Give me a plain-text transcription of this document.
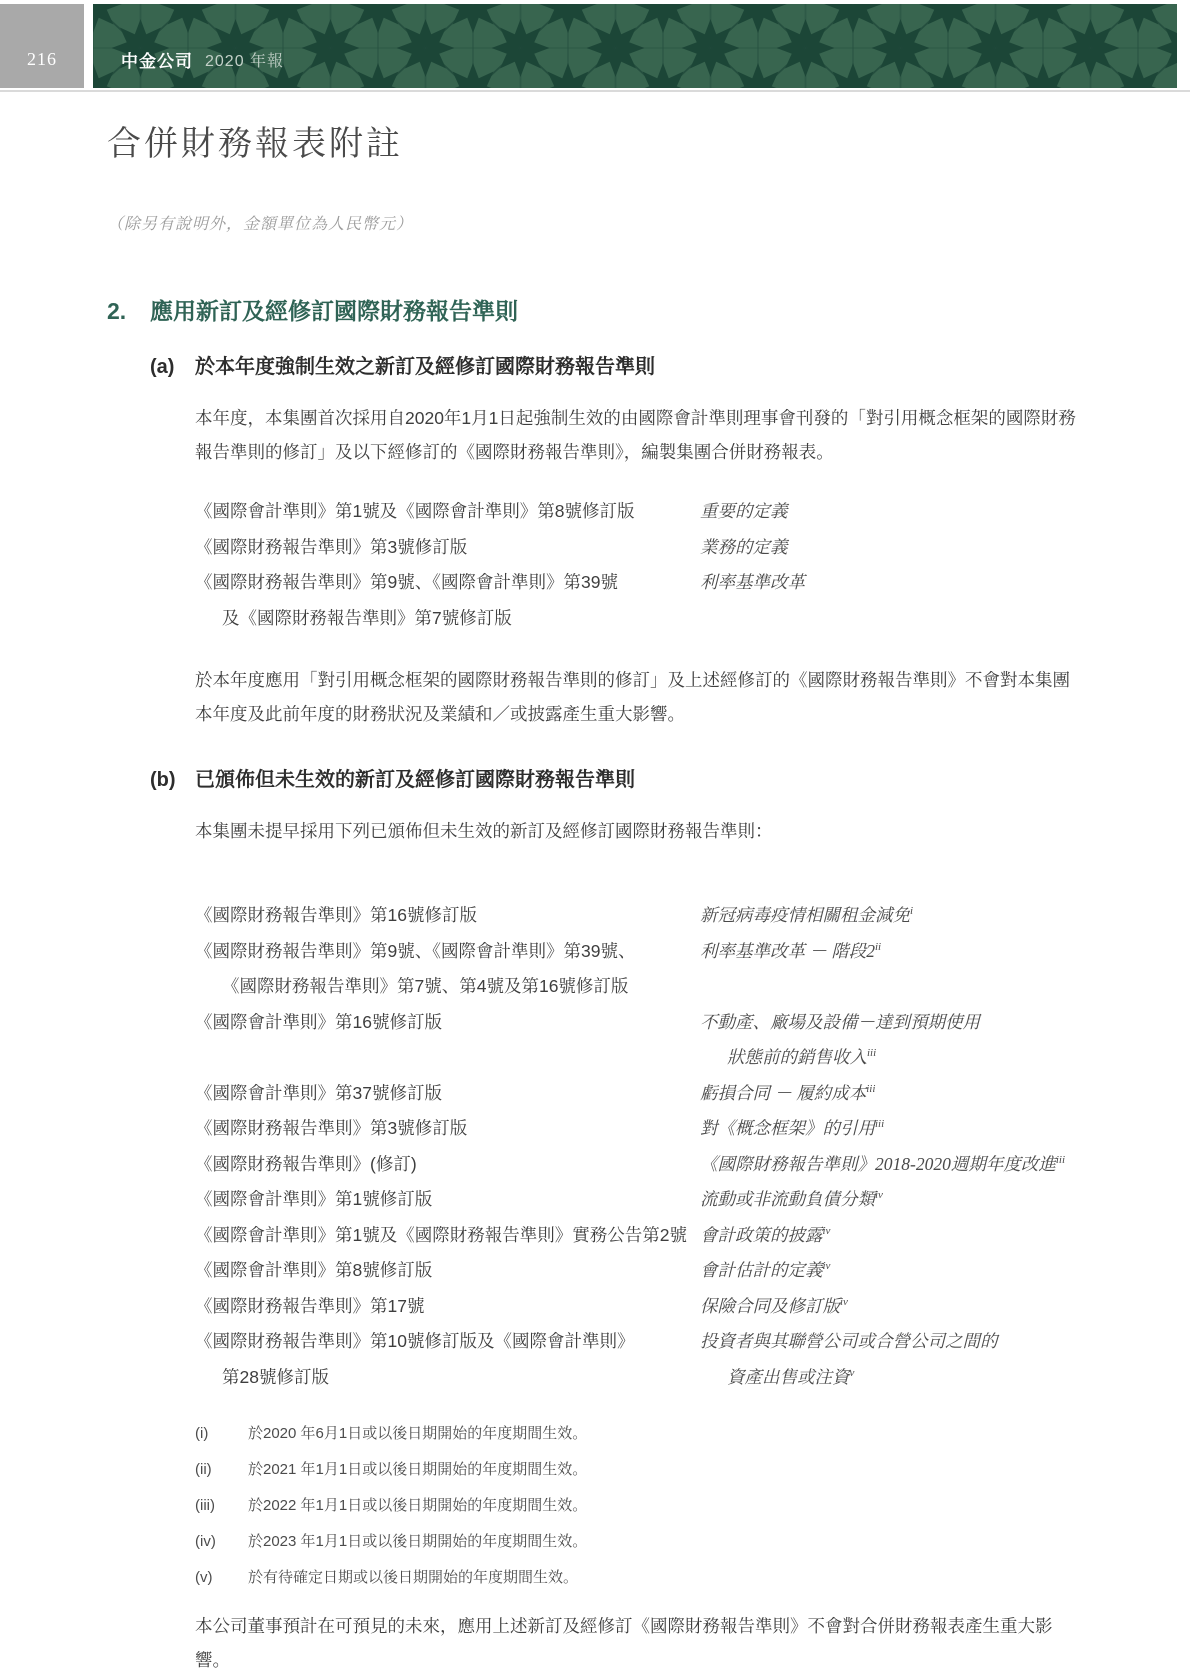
216	中金公司 2020 年報
合併財務報表附註

（除另有說明外，金額單位為人民幣元）

2.	應用新訂及經修訂國際財務報告準則
(a)	於本年度強制生效之新訂及經修訂國際財務報告準則

本年度，本集團首次採用自2020年1月1日起強制生效的由國際會計準則理事會刊發的「對引用概念框架的國際財務報告準則的修訂」及以下經修訂的《國際財務報告準則》，編製集團合併財務報表。

《國際會計準則》第1號及《國際會計準則》第8號修訂版	重要的定義
《國際財務報告準則》第3號修訂版	業務的定義
《國際財務報告準則》第9號、《國際會計準則》第39號	利率基準改革
及《國際財務報告準則》第7號修訂版

於本年度應用「對引用概念框架的國際財務報告準則的修訂」及上述經修訂的《國際財務報告準則》不會對本集團本年度及此前年度的財務狀況及業績和／或披露產生重大影響。

(b) 已頒佈但未生效的新訂及經修訂國際財務報告準則

本集團未提早採用下列已頒佈但未生效的新訂及經修訂國際財務報告準則：

《國際財務報告準則》第16號修訂版	新冠病毒疫情相關租金減免$^i$
《國際財務報告準則》第9號、《國際會計準則》第39號、	利率基準改革 － 階段2$^{ii}$
《國際財務報告準則》第7號、第4號及第16號修訂版
《國際會計準則》第16號修訂版	不動產、廠場及設備－達到預期使用
狀態前的銷售收入$^{iii}$
《國際會計準則》第37號修訂版	虧損合同 － 履約成本$^{iii}$
《國際財務報告準則》第3號修訂版	對《概念框架》的引用$^{iii}$
《國際財務報告準則》(修訂)	《國際財務報告準則》2018-2020週期年度改進$^{iii}$
《國際會計準則》第1號修訂版	流動或非流動負債分類$^{iv}$
《國際會計準則》第1號及《國際財務報告準則》實務公告第2號 會計政策的披露$^{iv}$
《國際會計準則》第8號修訂版	會計估計的定義$^{iv}$
《國際財務報告準則》第17號	保險合同及修訂版$^{iv}$
《國際財務報告準則》第10號修訂版及《國際會計準則》	投資者與其聯營公司或合營公司之間的
第28號修訂版	資產出售或注資$^v$
(i)	於2020 年6月1日或以後日期開始的年度期間生效。
(ii)	於2021 年1月1日或以後日期開始的年度期間生效。
(iii)	於2022 年1月1日或以後日期開始的年度期間生效。
(iv)	於2023 年1月1日或以後日期開始的年度期間生效。
(v)	於有待確定日期或以後日期開始的年度期間生效。

本公司董事預計在可預見的未來，應用上述新訂及經修訂《國際財務報告準則》不會對合併財務報表產生重大影響。
